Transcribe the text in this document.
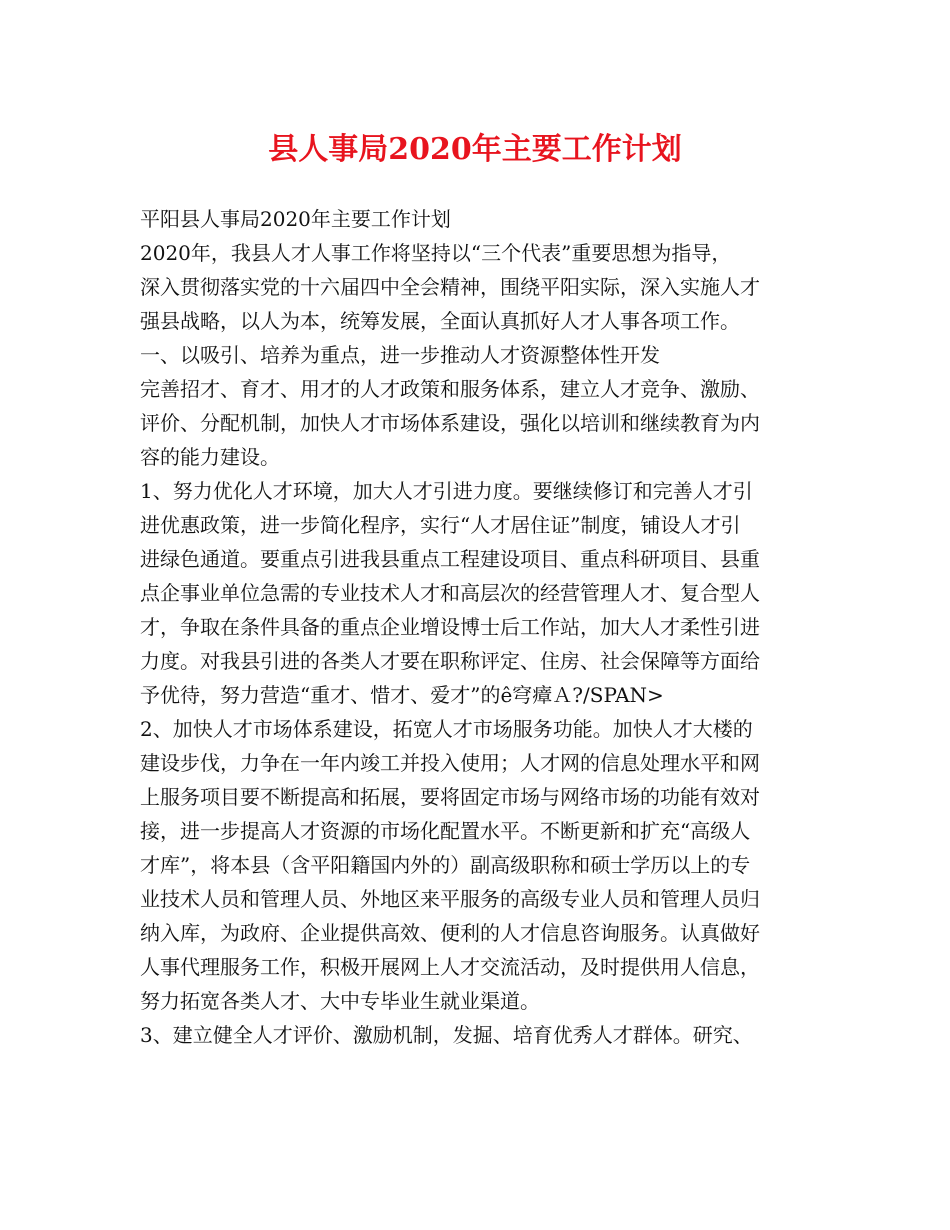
县人事局2020年主要工作计划
平阳县人事局2020年主要工作计划
2020年，我县人才人事工作将坚持以“三个代表”重要思想为指导，
深入贯彻落实党的十六届四中全会精神，围绕平阳实际，深入实施人才
强县战略，以人为本，统筹发展，全面认真抓好人才人事各项工作。
一、以吸引、培养为重点，进一步推动人才资源整体性开发
完善招才、育才、用才的人才政策和服务体系，建立人才竞争、激励、
评价、分配机制，加快人才市场体系建设，强化以培训和继续教育为内
容的能力建设。
1、努力优化人才环境，加大人才引进力度。要继续修订和完善人才引
进优惠政策，进一步简化程序，实行“人才居住证”制度，铺设人才引
进绿色通道。要重点引进我县重点工程建设项目、重点科研项目、县重
点企事业单位急需的专业技术人才和高层次的经营管理人才、复合型人
才，争取在条件具备的重点企业增设博士后工作站，加大人才柔性引进
力度。对我县引进的各类人才要在职称评定、住房、社会保障等方面给
予优待，努力营造“重才、惜才、爱才”的ê穹瘴Ａ?/SPAN>
2、加快人才市场体系建设，拓宽人才市场服务功能。加快人才大楼的
建设步伐，力争在一年内竣工并投入使用；人才网的信息处理水平和网
上服务项目要不断提高和拓展，要将固定市场与网络市场的功能有效对
接，进一步提高人才资源的市场化配置水平。不断更新和扩充“高级人
才库”，将本县（含平阳籍国内外的）副高级职称和硕士学历以上的专
业技术人员和管理人员、外地区来平服务的高级专业人员和管理人员归
纳入库，为政府、企业提供高效、便利的人才信息咨询服务。认真做好
人事代理服务工作，积极开展网上人才交流活动，及时提供用人信息，
努力拓宽各类人才、大中专毕业生就业渠道。
3、建立健全人才评价、激励机制，发掘、培育优秀人才群体。研究、
